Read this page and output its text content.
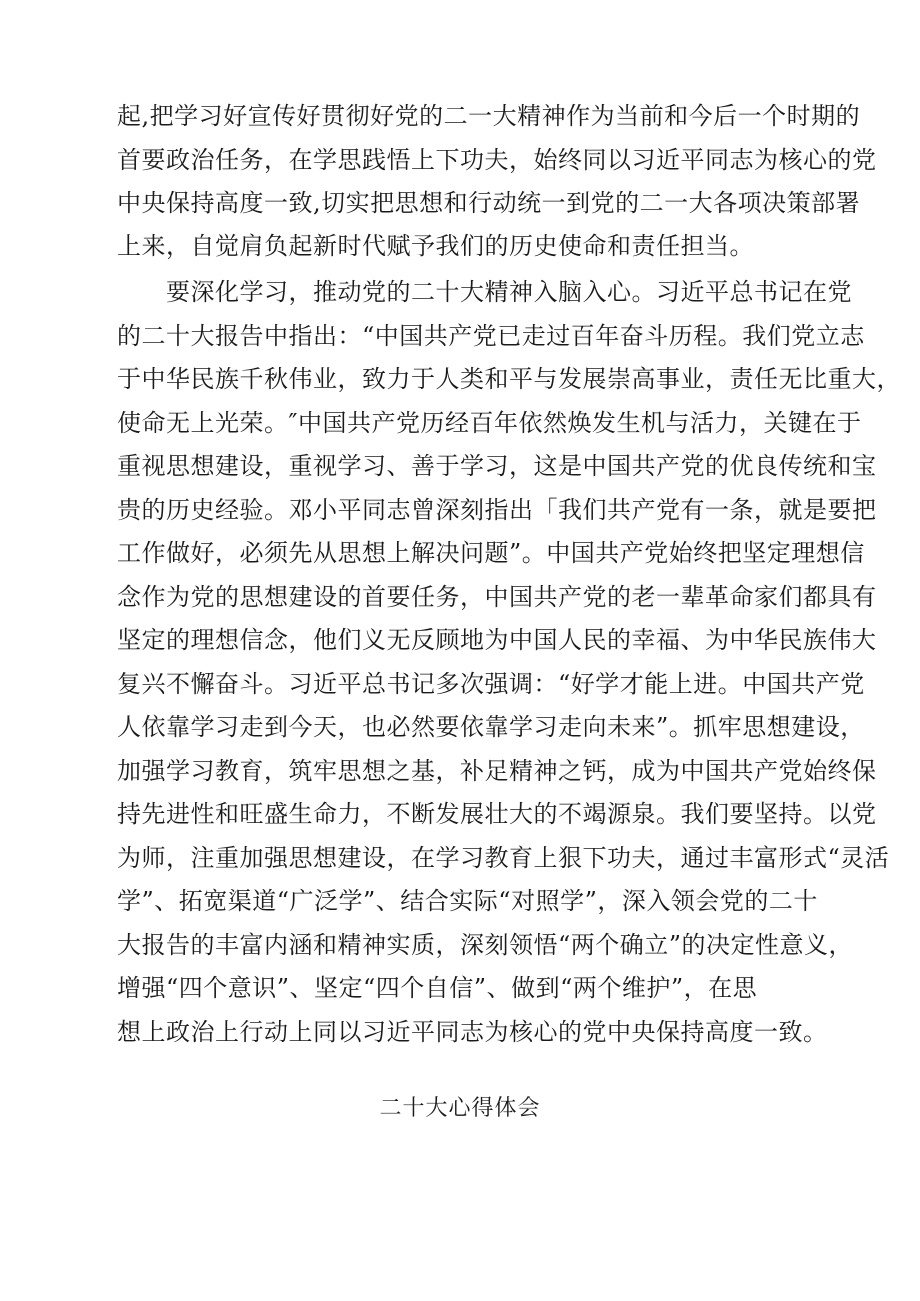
起,把学习好宣传好贯彻好党的二一大精神作为当前和今后一个时期的
首要政治任务，在学思践悟上下功夫，始终同以习近平同志为核心的党
中央保持高度一致,切实把思想和行动统一到党的二一大各项决策部署
上来，自觉肩负起新时代赋予我们的历史使命和责任担当。
要深化学习，推动党的二十大精神入脑入心。习近平总书记在党
的二十大报告中指出：“中国共产党已走过百年奋斗历程。我们党立志
于中华民族千秋伟业，致力于人类和平与发展崇高事业，责任无比重大，
使命无上光荣。″中国共产党历经百年依然焕发生机与活力，关键在于
重视思想建设，重视学习、善于学习，这是中国共产党的优良传统和宝
贵的历史经验。邓小平同志曾深刻指出「我们共产党有一条，就是要把
工作做好，必须先从思想上解决问题”。中国共产党始终把坚定理想信
念作为党的思想建设的首要任务，中国共产党的老一辈革命家们都具有
坚定的理想信念，他们义无反顾地为中国人民的幸福、为中华民族伟大
复兴不懈奋斗。习近平总书记多次强调：“好学才能上进。中国共产党
人依靠学习走到今天，也必然要依靠学习走向未来”。抓牢思想建设，
加强学习教育，筑牢思想之基，补足精神之钙，成为中国共产党始终保
持先进性和旺盛生命力，不断发展壮大的不竭源泉。我们要坚持。以党
为师，注重加强思想建设，在学习教育上狠下功夫，通过丰富形式“灵活
学”、拓宽渠道“广泛学”、结合实际“对照学”，深入领会党的二十
大报告的丰富内涵和精神实质，深刻领悟“两个确立”的决定性意义，
增强“四个意识”、坚定“四个自信”、做到“两个维护”，在思
想上政治上行动上同以习近平同志为核心的党中央保持高度一致。
二十大心得体会
